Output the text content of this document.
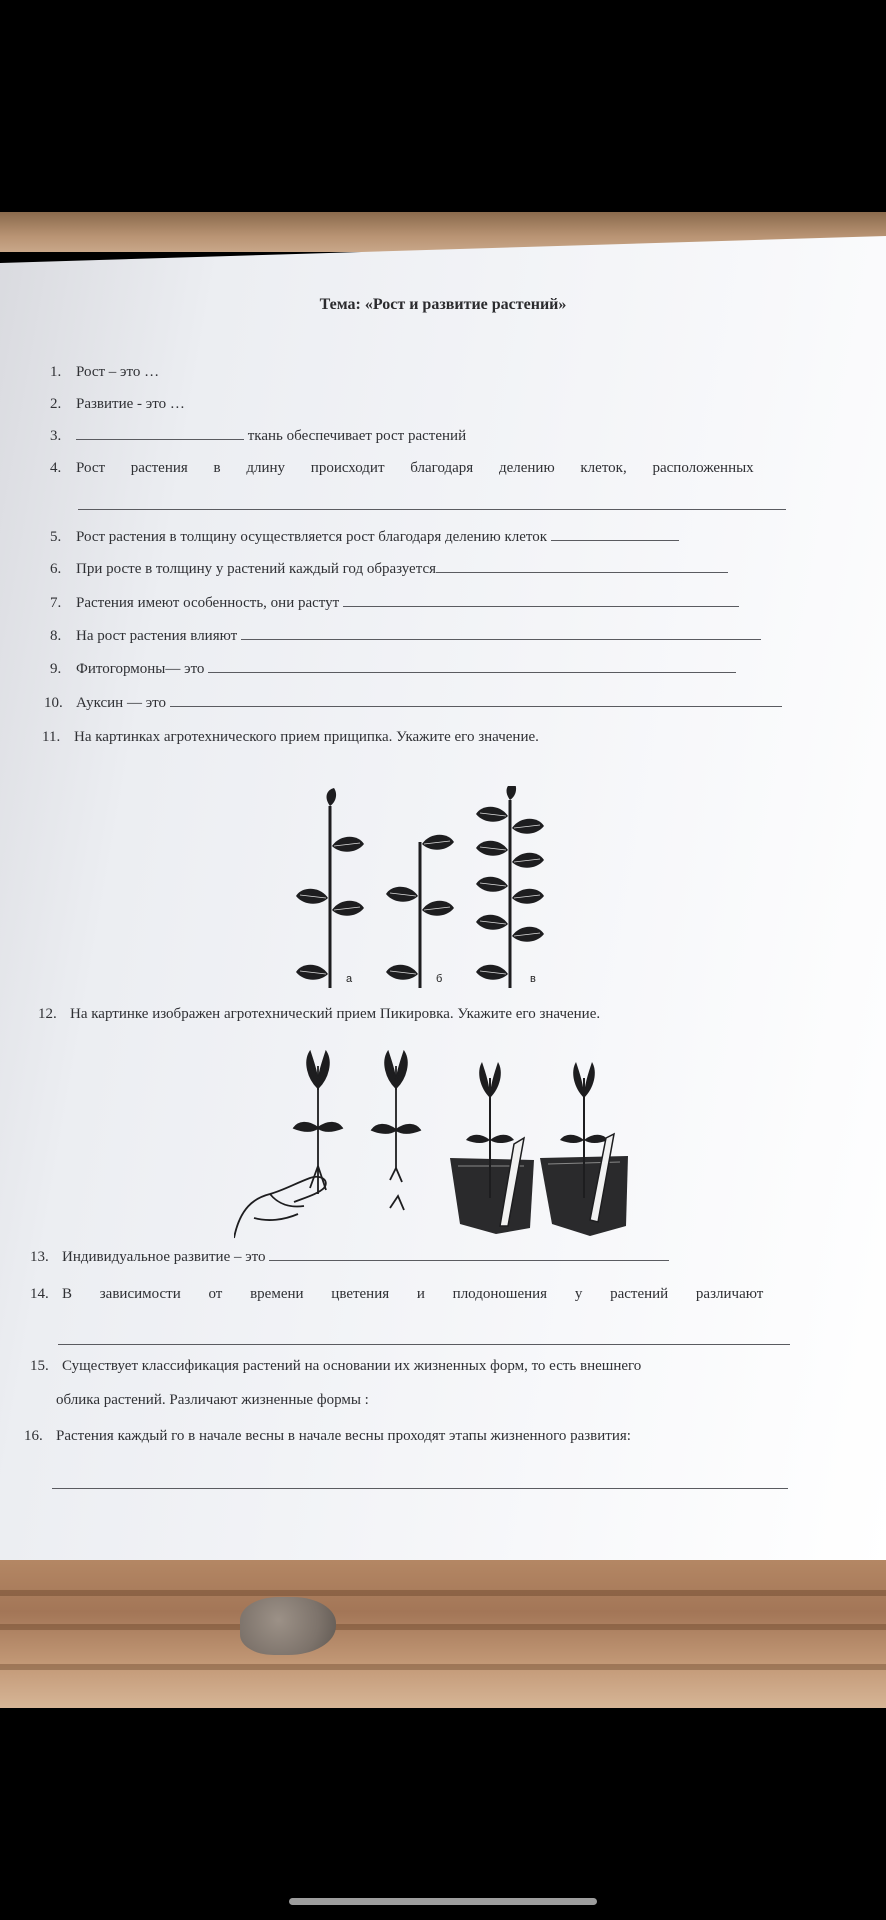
Тема: «Рост и развитие растений»
1. Рост – это …
2. Развитие - это …
3.	ткань обеспечивает рост растений
4. Рост растения в длину происходит благодаря делению клеток, расположенных
5. Рост растения в толщину осуществляется рост благодаря делению клеток
6. При росте в толщину у растений каждый год образуется
7. Растения имеют особенность, они растут
8. На рост растения влияют
9. Фитогормоны— это
10. Ауксин — это
11. На картинках агротехнического прием прищипка. Укажите его значение.
а	б	в
12. На картинке изображен агротехнический прием Пикировка. Укажите его значение.
13. Индивидуальное развитие – это
14. В зависимости от времени цветения и плодоношения у растений различают
15. Существует классификация растений на основании их жизненных форм, то есть внешнего
облика растений. Различают жизненные формы :
16. Растения каждый го в начале весны в начале весны проходят этапы жизненного развития:
